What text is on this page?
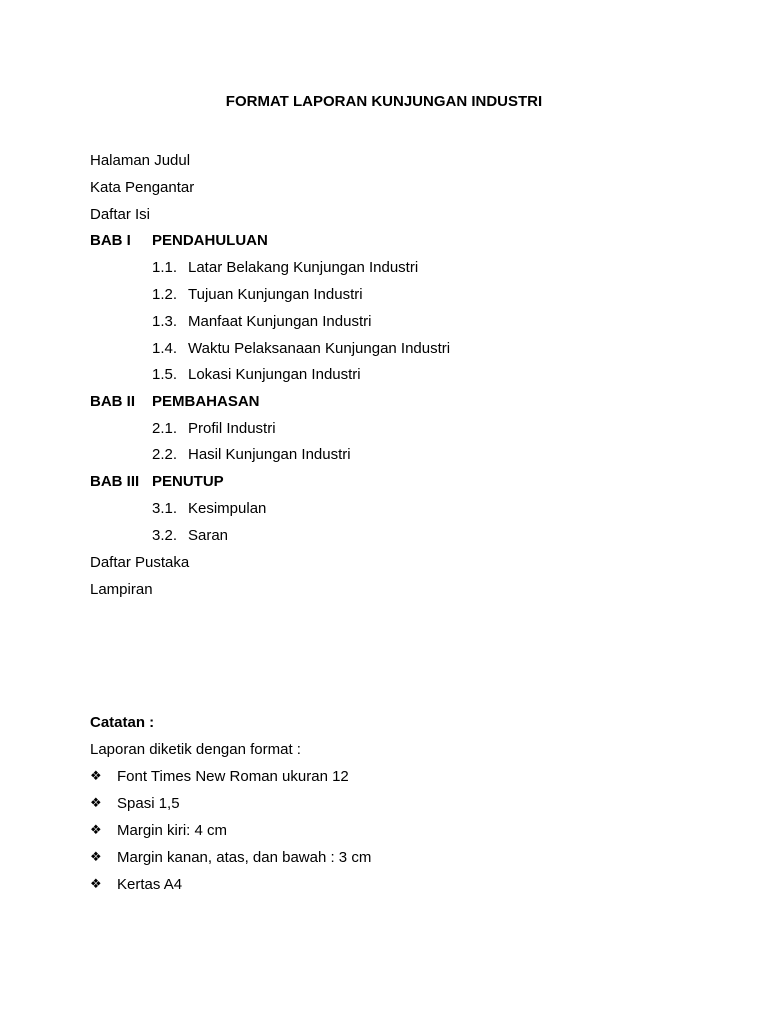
FORMAT LAPORAN KUNJUNGAN INDUSTRI
Halaman Judul
Kata Pengantar
Daftar Isi
BAB I PENDAHULUAN
1.1. Latar Belakang Kunjungan Industri
1.2. Tujuan Kunjungan Industri
1.3. Manfaat Kunjungan Industri
1.4. Waktu Pelaksanaan Kunjungan Industri
1.5. Lokasi Kunjungan Industri
BAB II PEMBAHASAN
2.1. Profil Industri
2.2. Hasil Kunjungan Industri
BAB III PENUTUP
3.1. Kesimpulan
3.2. Saran
Daftar Pustaka
Lampiran
Catatan :
Laporan diketik dengan format :
❖ Font Times New Roman ukuran 12
❖ Spasi 1,5
❖ Margin kiri: 4 cm
❖ Margin kanan, atas, dan bawah : 3 cm
❖ Kertas A4
